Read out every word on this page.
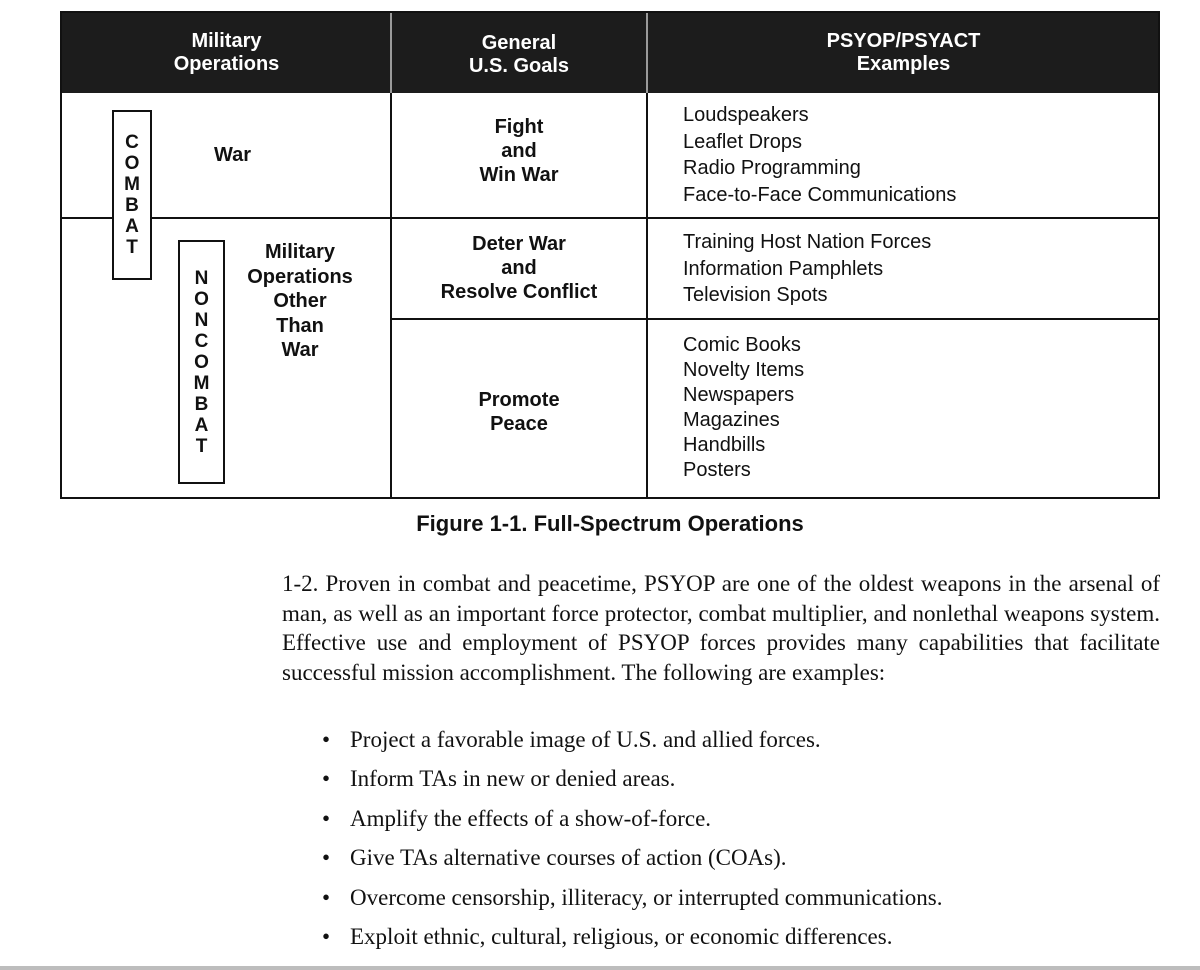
Military
Operations
General
U.S. Goals
PSYOP/PSYACT
Examples
C
O
M
B
A
T
N
O
N
C
O
M
B
A
T
War
Military
Operations
Other
Than
War
Fight
and
Win War
Deter War
and
Resolve Conflict
Promote
Peace
Loudspeakers
Leaflet Drops
Radio Programming
Face-to-Face Communications
Training Host Nation Forces
Information Pamphlets
Television Spots
Comic Books
Novelty Items
Newspapers
Magazines
Handbills
Posters
Figure 1-1. Full-Spectrum Operations
1-2. Proven in combat and peacetime, PSYOP are one of the oldest weapons in the arsenal of man, as well as an important force protector, combat multiplier, and nonlethal weapons system. Effective use and employment of PSYOP forces provides many capabilities that facilitate successful mission accomplishment. The following are examples:
• Project a favorable image of U.S. and allied forces.
• Inform TAs in new or denied areas.
• Amplify the effects of a show-of-force.
• Give TAs alternative courses of action (COAs).
• Overcome censorship, illiteracy, or interrupted communications.
• Exploit ethnic, cultural, religious, or economic differences.
